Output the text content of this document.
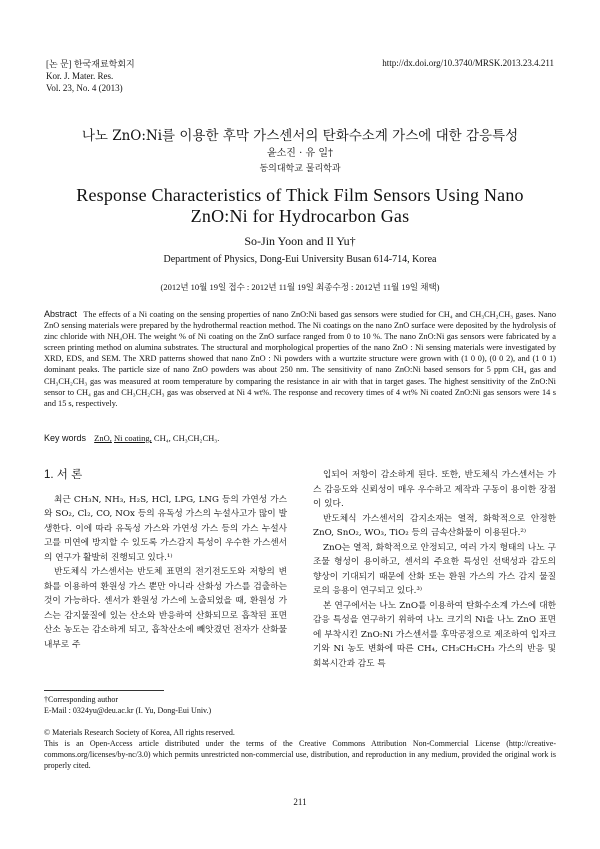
[논 문] 한국재료학회지
Kor. J. Mater. Res.
Vol. 23, No. 4 (2013)
http://dx.doi.org/10.3740/MRSK.2013.23.4.211
나노 ZnO:Ni를 이용한 후막 가스센서의 탄화수소계 가스에 대한 감응특성
윤소진 · 유 일†
동의대학교 물리학과
Response Characteristics of Thick Film Sensors Using Nano
ZnO:Ni for Hydrocarbon Gas
So-Jin Yoon and Il Yu†
Department of Physics, Dong-Eui University Busan 614-714, Korea
(2012년 10월 19일 접수 : 2012년 11월 19일 최종수정 : 2012년 11월 19일 채택)
Abstract The effects of a Ni coating on the sensing properties of nano ZnO:Ni based gas sensors were studied for CH₄ and CH₃CH₂CH₃ gases. Nano ZnO sensing materials were prepared by the hydrothermal reaction method. The Ni coatings on the nano ZnO surface were deposited by the hydrolysis of zinc chloride with NH₄OH. The weight % of Ni coating on the ZnO surface ranged from 0 to 10 %. The nano ZnO:Ni gas sensors were fabricated by a screen printing method on alumina substrates. The structural and morphological properties of the nano ZnO : Ni sensing materials were investigated by XRD, EDS, and SEM. The XRD patterns showed that nano ZnO : Ni powders with a wurtzite structure were grown with (1 0 0), (0 0 2), and (1 0 1) dominant peaks. The particle size of nano ZnO powders was about 250 nm. The sensitivity of nano ZnO:Ni based sensors for 5 ppm CH₄ gas and CH₃CH₂CH₃ gas was measured at room temperature by comparing the resistance in air with that in target gases. The highest sensitivity of the ZnO:Ni sensor to CH₄ gas and CH₃CH₂CH₃ gas was observed at Ni 4 wt%. The response and recovery times of 4 wt% Ni coated ZnO:Ni gas sensors were 14 s and 15 s, respectively.
Key words ZnO, Ni coating, CH₄, CH₃CH₂CH₃.
1. 서 론

최근 CH₃N, NH₃, H₂S, HCl, LPG, LNG 등의 가연성 가스와 SO₂, Cl₂, CO, NOx 등의 유독성 가스의 누설사고가 많이 발생한다. 이에 따라 유독성 가스와 가연성 가스 등의 가스 누설사고를 미연에 방지할 수 있도록 가스감지 특성이 우수한 가스센서의 연구가 활발히 진행되고 있다.¹⁾

반도체식 가스센서는 반도체 표면의 전기전도도와 저항의 변화를 이용하여 환원성 가스 뿐만 아니라 산화성 가스를 검출하는 것이 가능하다. 센서가 환원성 가스에 노출되었을 때, 환원성 가스는 감지물질에 있는 산소와 반응하여 산화되므로 흡착된 표면 산소 농도는 감소하게 되고, 흡착산소에 빼앗겼던 전자가 산화물 내부로 주

입되어 저항이 감소하게 된다. 또한, 반도체식 가스센서는 가스 감응도와 신뢰성이 매우 우수하고 제작과 구동이 용이한 장점이 있다.

반도체식 가스센서의 감지소재는 열적, 화학적으로 안정한 ZnO, SnO₂, WO₃, TiO₂ 등의 금속산화물이 이용된다.²⁾

ZnO는 열적, 화학적으로 안정되고, 여러 가지 형태의 나노 구조물 형성이 용이하고, 센서의 주요한 특성인 선택성과 감도의 향상이 기대되기 때문에 산화 또는 환원 가스의 가스 감지 물질로의 응용이 연구되고 있다.³⁾

본 연구에서는 나노 ZnO를 이용하여 탄화수소계 가스에 대한 감응 특성을 연구하기 위하여 나노 크기의 Ni을 나노 ZnO 표면에 부착시킨 ZnO:Ni 가스센서를 후막공정으로 제조하여 입자크기와 Ni 농도 변화에 따른 CH₄, CH₃CH₂CH₃ 가스의 반응 및 회복시간과 감도 특

†Corresponding author
E-Mail : 0324yu@deu.ac.kr (I. Yu, Dong-Eui Univ.)
© Materials Research Society of Korea, All rights reserved.
This is an Open-Access article distributed under the terms of the Creative Commons Attribution Non-Commercial License (http://creative-commons.org/licenses/by-nc/3.0) which permits unrestricted non-commercial use, distribution, and reproduction in any medium, provided the original work is properly cited.
211
